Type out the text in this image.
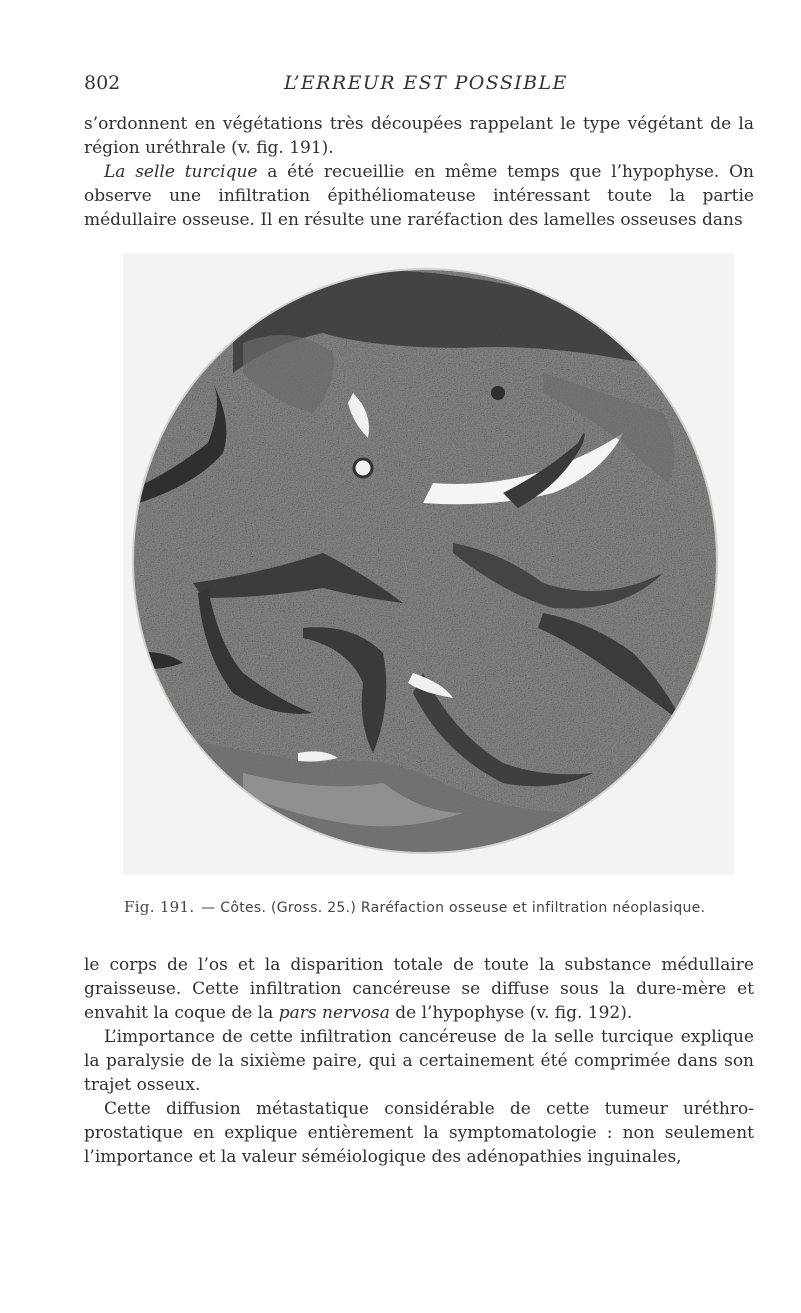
802	L’ERREUR EST POSSIBLE

s’ordonnent en végétations très découpées rappelant le type végétant de la région uréthrale (v. fig. 191).

La selle turcique a été recueillie en même temps que l’hypophyse. On observe une infiltration épithéliomateuse intéressant toute la partie médullaire osseuse. Il en résulte une raréfaction des lamelles osseuses dans

Fig. 191. — Côtes. (Gross. 25.) Raréfaction osseuse et infiltration néoplasique.

le corps de l’os et la disparition totale de toute la substance médullaire graisseuse. Cette infiltration cancéreuse se diffuse sous la dure-mère et envahit la coque de la pars nervosa de l’hypophyse (v. fig. 192).

L’importance de cette infiltration cancéreuse de la selle turcique explique la paralysie de la sixième paire, qui a certainement été comprimée dans son trajet osseux.

Cette diffusion métastatique considérable de cette tumeur uréthro-prostatique en explique entièrement la symptomatologie : non seulement l’importance et la valeur séméiologique des adénopathies inguinales,
